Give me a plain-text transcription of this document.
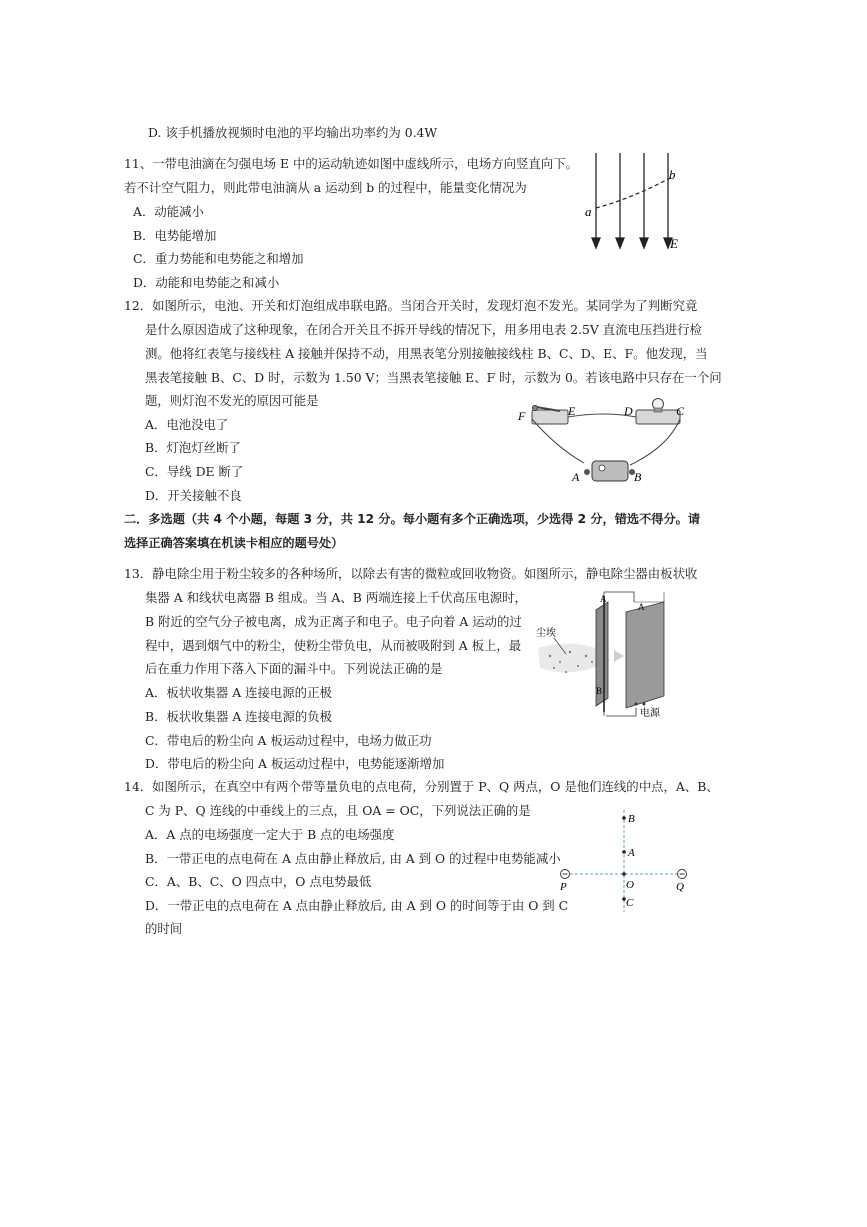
D. 该手机播放视频时电池的平均输出功率约为 0.4W
11、一带电油滴在匀强电场 E 中的运动轨迹如图中虚线所示，电场方向竖直向下。
若不计空气阻力，则此带电油滴从 a 运动到 b 的过程中，能量变化情况为
A．动能减小
B．电势能增加
C．重力势能和电势能之和增加
D．动能和电势能之和减小
12．如图所示，电池、开关和灯泡组成串联电路。当闭合开关时，发现灯泡不发光。某同学为了判断究竟
是什么原因造成了这种现象，在闭合开关且不拆开导线的情况下，用多用电表 2.5V 直流电压挡进行检
测。他将红表笔与接线柱 A 接触并保持不动，用黑表笔分别接触接线柱 B、C、D、E、F。他发现，当
黑表笔接触 B、C、D 时，示数为 1.50 V；当黑表笔接触 E、F 时，示数为 0。若该电路中只存在一个问
题，则灯泡不发光的原因可能是
A．电池没电了
B．灯泡灯丝断了
C．导线 DE 断了
D．开关接触不良
二．多选题（共 4 个小题，每题 3 分，共 12 分。每小题有多个正确选项，少选得 2 分，错选不得分。请
选择正确答案填在机读卡相应的题号处）
13．静电除尘用于粉尘较多的各种场所，以除去有害的微粒或回收物资。如图所示，静电除尘器由板状收
集器 A 和线状电离器 B 组成。当 A、B 两端连接上千伏高压电源时，
B 附近的空气分子被电离，成为正离子和电子。电子向着 A 运动的过
程中，遇到烟气中的粉尘，使粉尘带负电，从而被吸附到 A 板上，最
后在重力作用下落入下面的漏斗中。下列说法正确的是
A．板状收集器 A 连接电源的正极
B．板状收集器 A 连接电源的负极
C．带电后的粉尘向 A 板运动过程中，电场力做正功
D．带电后的粉尘向 A 板运动过程中，电势能逐渐增加
14．如图所示，在真空中有两个带等量负电的点电荷，分别置于 P、Q 两点，O 是他们连线的中点，A、B、
C 为 P、Q 连线的中垂线上的三点，且 OA = OC，下列说法正确的是
A．A 点的电场强度一定大于 B 点的电场强度
B．一带正电的点电荷在 A 点由静止释放后, 由 A 到 O 的过程中电势能减小
C．A、B、C、O 四点中，O 点电势最低
D．一带正电的点电荷在 A 点由静止释放后, 由 A 到 O 的时间等于由 O 到 C
的时间
a
b
E
F	E	D	C
A	B
尘埃
A
A
B
电源
B
A
O
C
P	Q
